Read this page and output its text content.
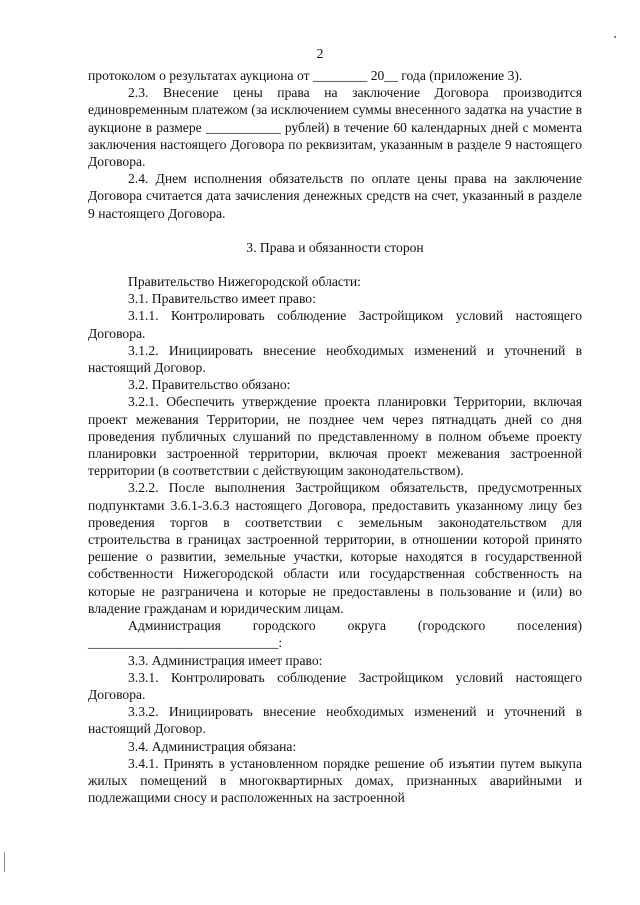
2

протоколом о результатах аукциона от ________ 20__ года (приложение 3).

2.3. Внесение цены права на заключение Договора производится единовременным платежом (за исключением суммы внесенного задатка на участие в аукционе в размере ___________ рублей) в течение 60 календарных дней с момента заключения настоящего Договора по реквизитам, указанным в разделе 9 настоящего Договора.

2.4. Днем исполнения обязательств по оплате цены права на заключение Договора считается дата зачисления денежных средств на счет, указанный в разделе 9 настоящего Договора.

3. Права и обязанности сторон

Правительство Нижегородской области:

3.1. Правительство имеет право:

3.1.1. Контролировать соблюдение Застройщиком условий настоящего Договора.

3.1.2. Инициировать внесение необходимых изменений и уточнений в настоящий Договор.

3.2. Правительство обязано:

3.2.1. Обеспечить утверждение проекта планировки Территории, включая проект межевания Территории, не позднее чем через пятнадцать дней со дня проведения публичных слушаний по представленному в полном объеме проекту планировки застроенной территории, включая проект межевания застроенной территории (в соответствии с действующим законодательством).

3.2.2. После выполнения Застройщиком обязательств, предусмотренных подпунктами 3.6.1-3.6.3 настоящего Договора, предоставить указанному лицу без проведения торгов в соответствии с земельным законодательством для строительства в границах застроенной территории, в отношении которой принято решение о развитии, земельные участки, которые находятся в государственной собственности Нижегородской области или государственная собственность на которые не разграничена и которые не предоставлены в пользование и (или) во владение гражданам и юридическим лицам.

Администрация городского округа (городского поселения) ____________________________:

3.3. Администрация имеет право:

3.3.1. Контролировать соблюдение Застройщиком условий настоящего Договора.

3.3.2. Инициировать внесение необходимых изменений и уточнений в настоящий Договор.

3.4. Администрация обязана:

3.4.1. Принять в установленном порядке решение об изъятии путем выкупа жилых помещений в многоквартирных домах, признанных аварийными и подлежащими сносу и расположенных на застроенной
